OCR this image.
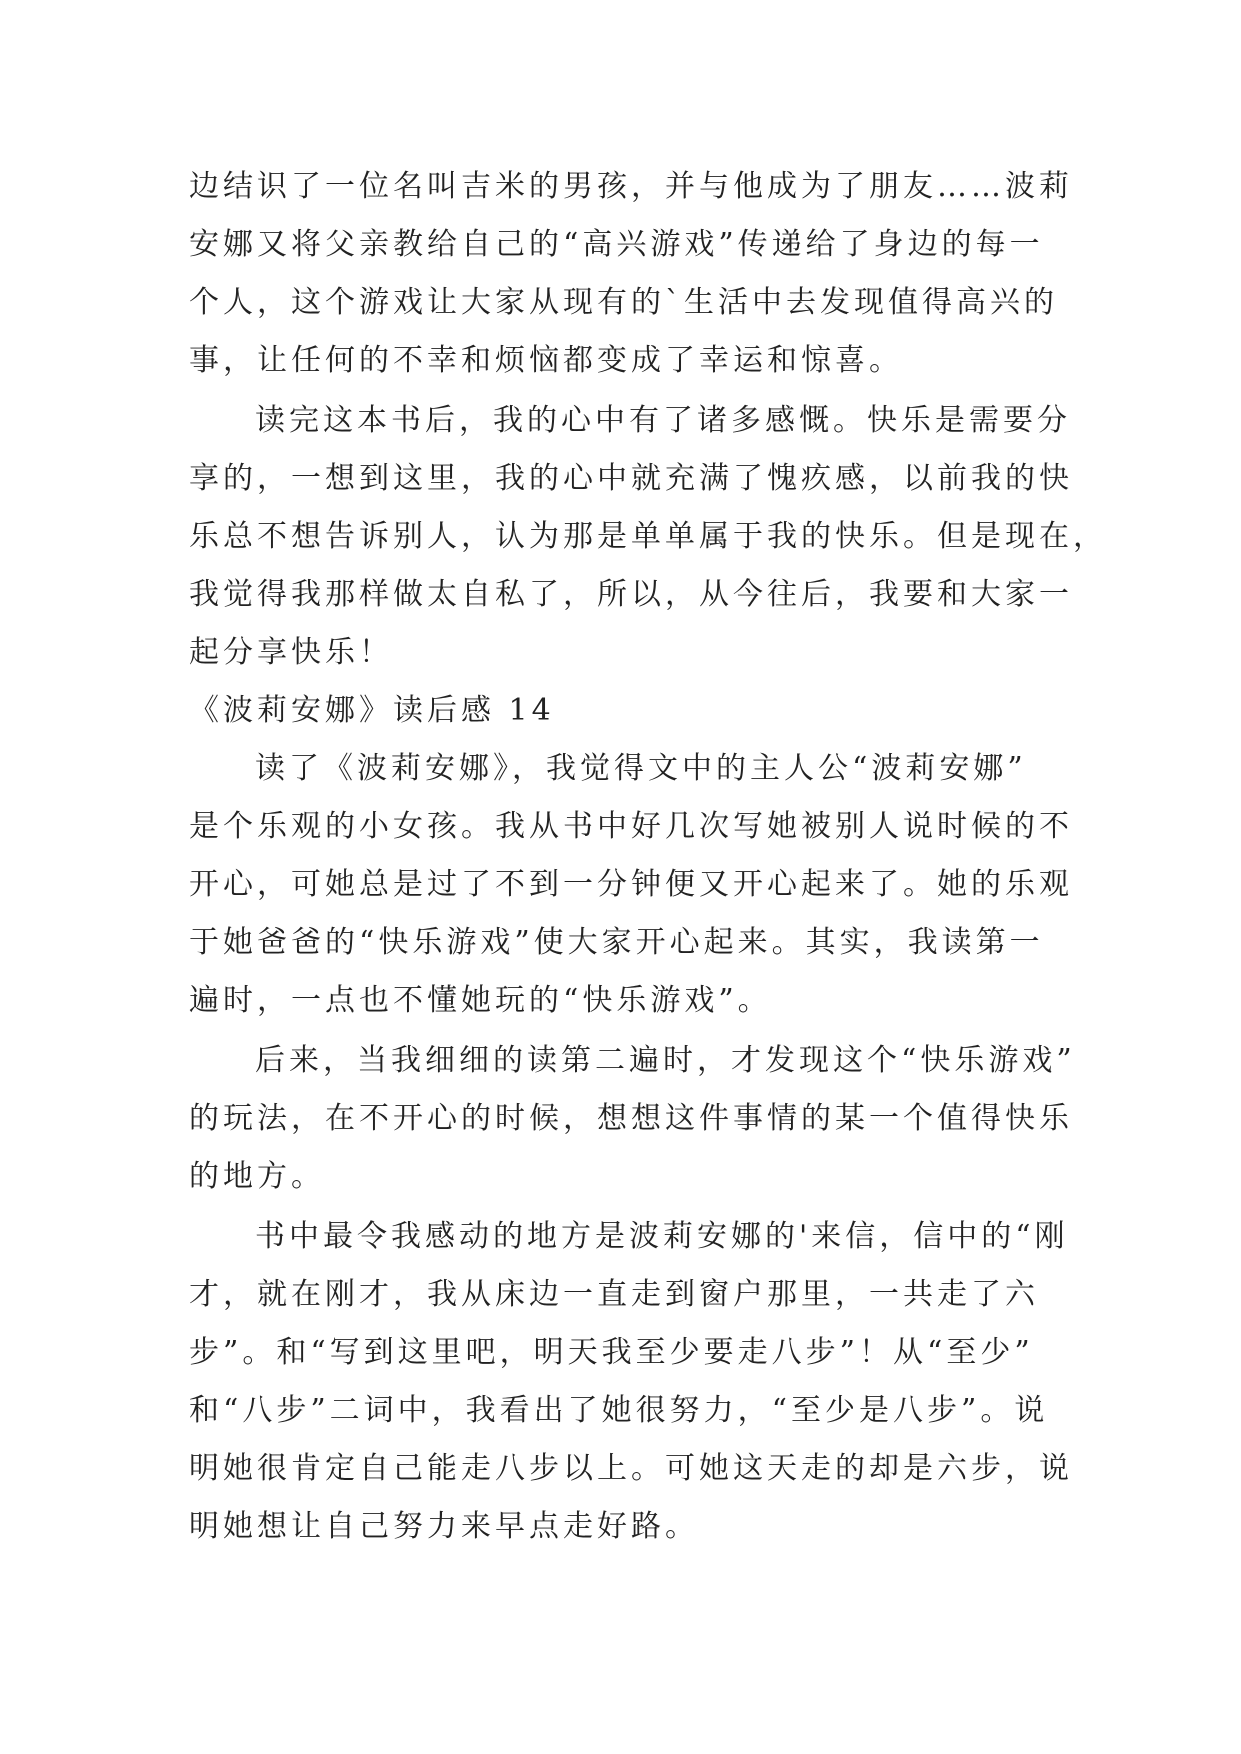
边结识了一位名叫吉米的男孩，并与他成为了朋友……波莉
安娜又将父亲教给自己的“高兴游戏”传递给了身边的每一
个人，这个游戏让大家从现有的`生活中去发现值得高兴的
事，让任何的不幸和烦恼都变成了幸运和惊喜。
读完这本书后，我的心中有了诸多感慨。快乐是需要分
享的，一想到这里，我的心中就充满了愧疚感，以前我的快
乐总不想告诉别人，认为那是单单属于我的快乐。但是现在，
我觉得我那样做太自私了，所以，从今往后，我要和大家一
起分享快乐！
《波莉安娜》读后感 14
读了《波莉安娜》，我觉得文中的主人公“波莉安娜”
是个乐观的小女孩。我从书中好几次写她被别人说时候的不
开心，可她总是过了不到一分钟便又开心起来了。她的乐观
于她爸爸的“快乐游戏”使大家开心起来。其实，我读第一
遍时，一点也不懂她玩的“快乐游戏”。
后来，当我细细的读第二遍时，才发现这个“快乐游戏”
的玩法，在不开心的时候，想想这件事情的某一个值得快乐
的地方。
书中最令我感动的地方是波莉安娜的'来信，信中的“刚
才，就在刚才，我从床边一直走到窗户那里，一共走了六
步”。和“写到这里吧，明天我至少要走八步”！从“至少”
和“八步”二词中，我看出了她很努力，“至少是八步”。说
明她很肯定自己能走八步以上。可她这天走的却是六步，说
明她想让自己努力来早点走好路。
